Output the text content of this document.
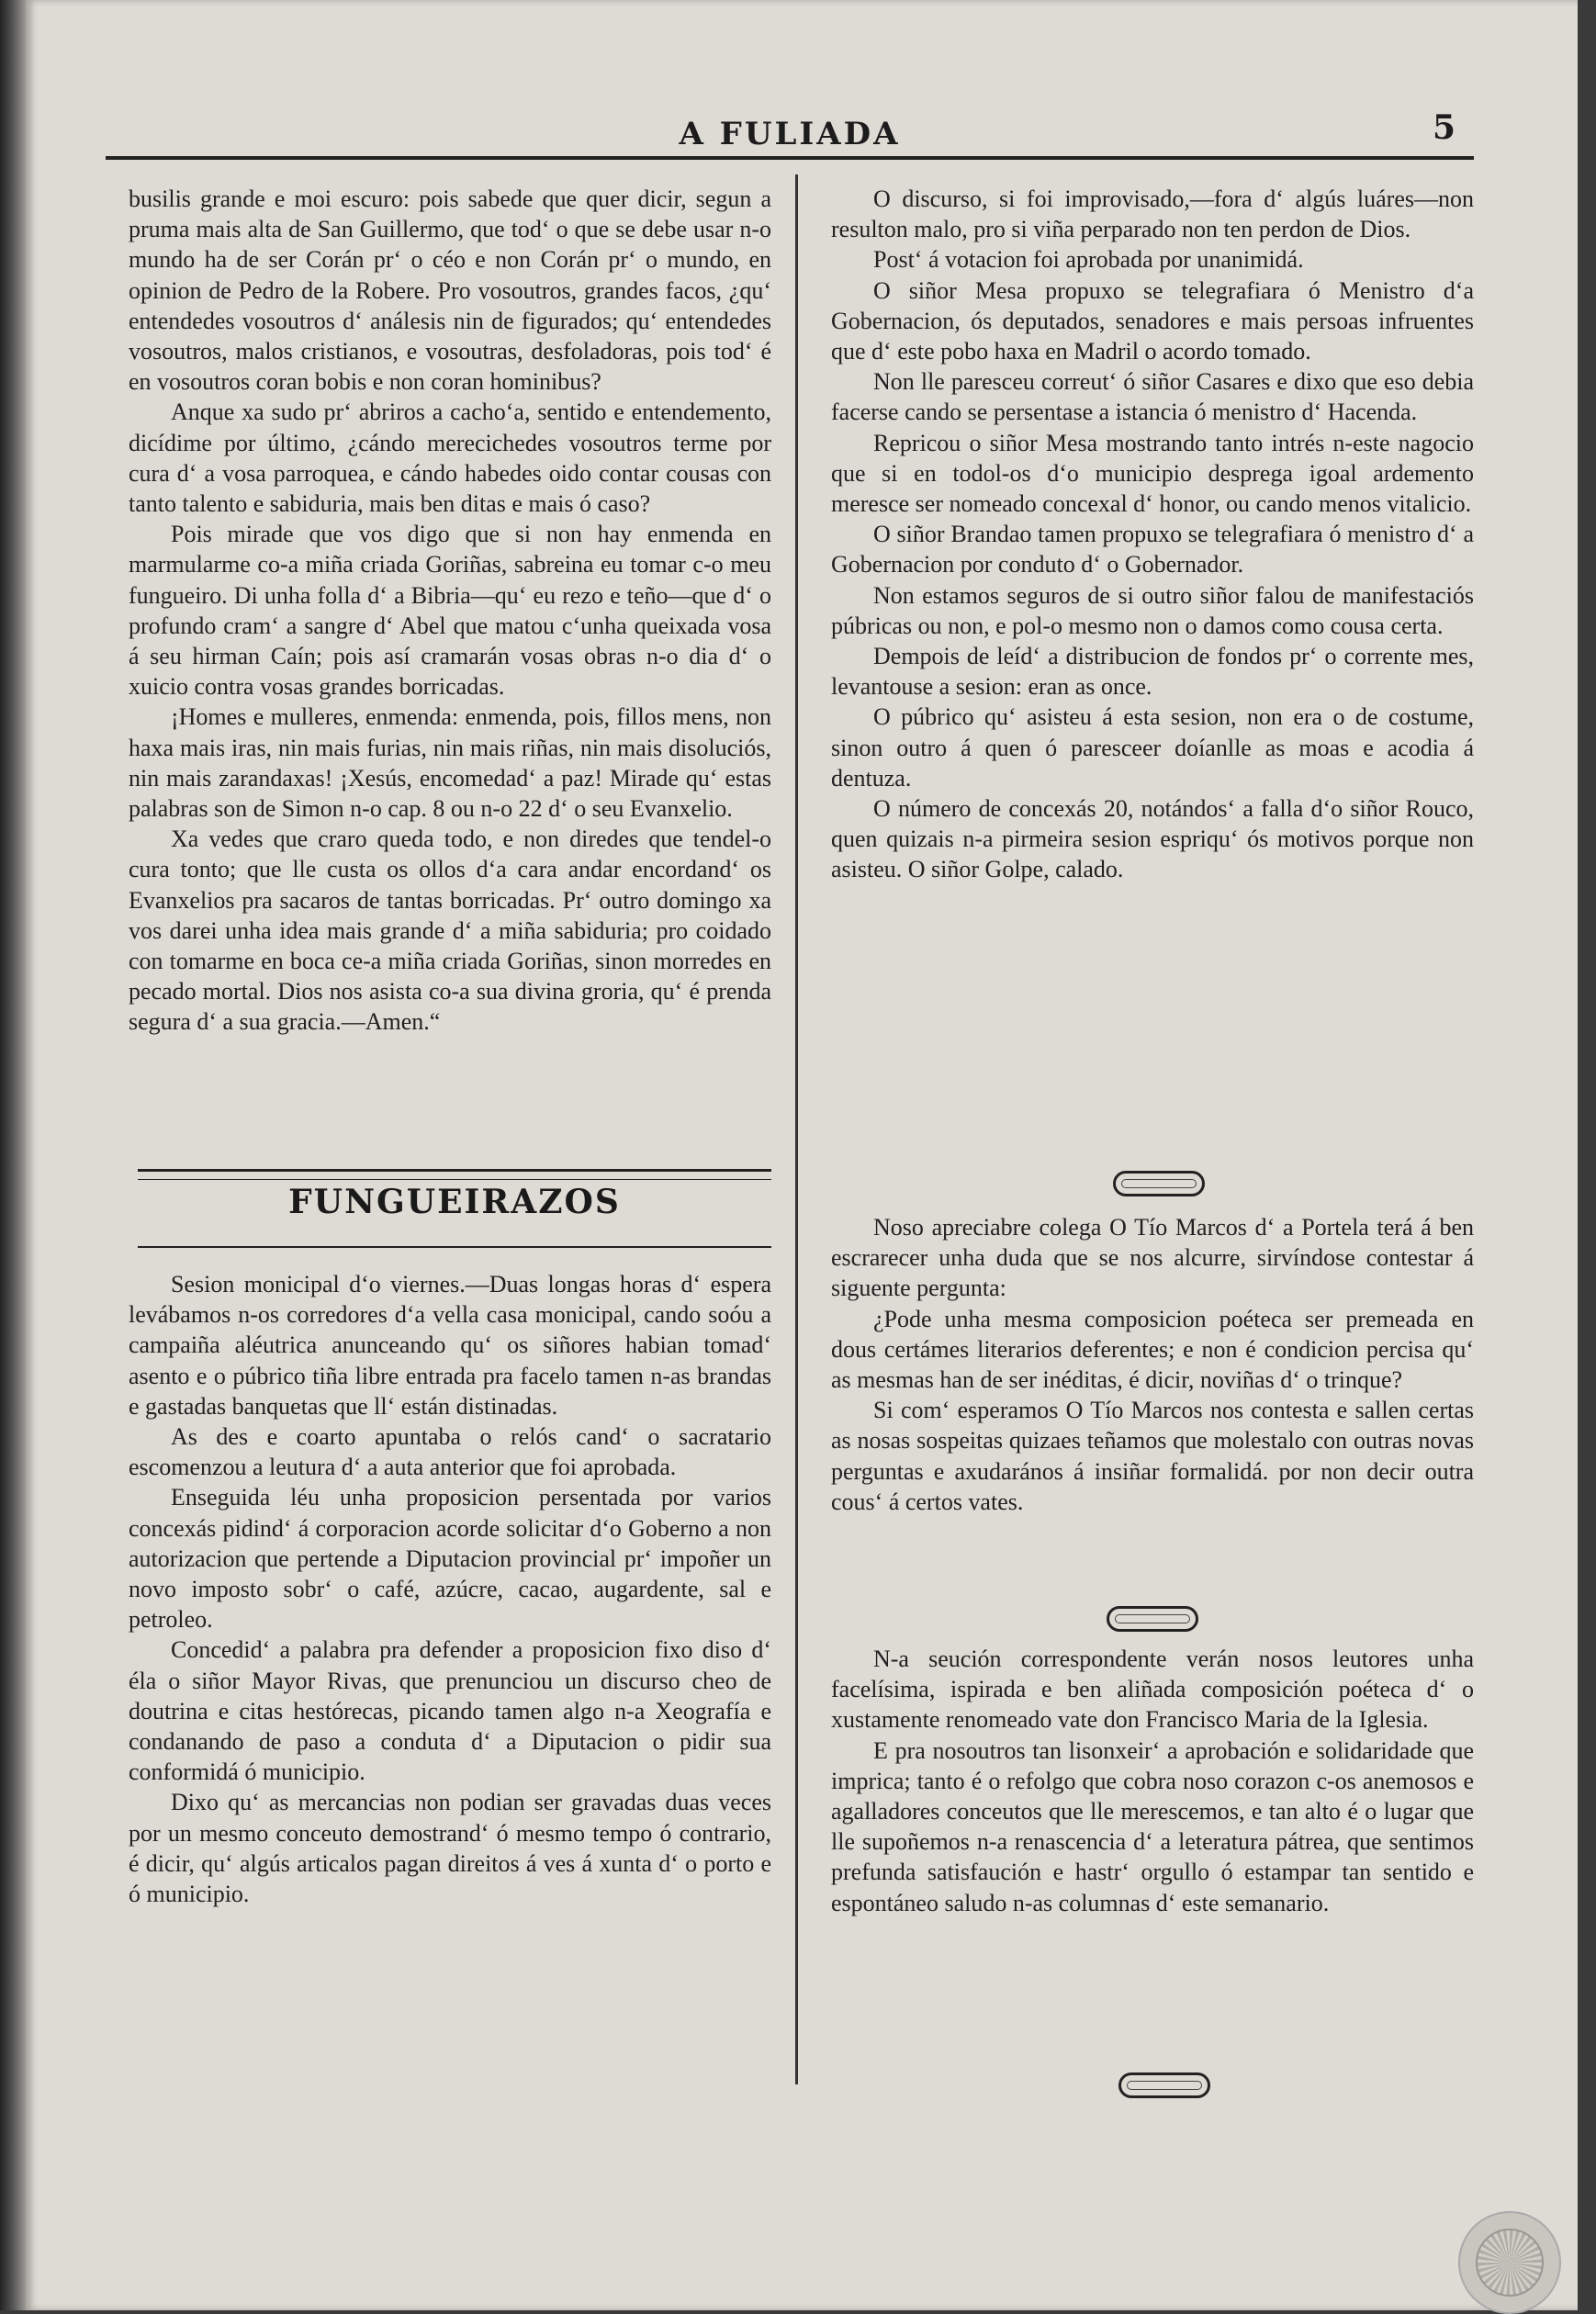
A FULIADA	5

busilis grande e moi escuro: pois sabede que quer dicir, segun a pruma mais alta de San Guillermo, que tod‘ o que se debe usar n-o mundo ha de ser Corán pr‘ o céo e non Corán pr‘ o mundo, en opinion de Pedro de la Robere. Pro vosoutros, grandes facos, ¿qu‘ entendedes vosoutros d‘ análesis nin de figurados; qu‘ entendedes vosoutros, malos cristianos, e vosoutras, desfoladoras, pois tod‘ é en vosoutros coran bobis e non coran hominibus?

Anque xa sudo pr‘ abriros a cacho‘a, sentido e entendemento, dicídime por último, ¿cándo merecichedes vosoutros terme por cura d‘ a vosa parroquea, e cándo habedes oido contar cousas con tanto talento e sabiduria, mais ben ditas e mais ó caso?

Pois mirade que vos digo que si non hay enmenda en marmularme co-a miña criada Goriñas, sabreina eu tomar c-o meu fungueiro. Di unha folla d‘ a Bibria—qu‘ eu rezo e teño—que d‘ o profundo cram‘ a sangre d‘ Abel que matou c‘unha queixada vosa á seu hirman Caín; pois así cramarán vosas obras n-o dia d‘ o xuicio contra vosas grandes borricadas.

¡Homes e mulleres, enmenda: enmenda, pois, fillos mens, non haxa mais iras, nin mais furias, nin mais riñas, nin mais disoluciós, nin mais zarandaxas! ¡Xesús, encomedad‘ a paz! Mirade qu‘ estas palabras son de Simon n-o cap. 8 ou n-o 22 d‘ o seu Evanxelio.

Xa vedes que craro queda todo, e non diredes que tendel-o cura tonto; que lle custa os ollos d‘a cara andar encordand‘ os Evanxelios pra sacaros de tantas borricadas. Pr‘ outro domingo xa vos darei unha idea mais grande d‘ a miña sabiduria; pro coidado con tomarme en boca ce-a miña criada Goriñas, sinon morredes en pecado mortal. Dios nos asista co-a sua divina groria, qu‘ é prenda segura d‘ a sua gracia.—Amen.“

FUNGUEIRAZOS

Sesion monicipal d‘o viernes.—Duas longas horas d‘ espera levábamos n-os corredores d‘a vella casa monicipal, cando soóu a campaiña aléutrica anunceando qu‘ os siñores habian tomad‘ asento e o púbrico tiña libre entrada pra facelo tamen n-as brandas e gastadas banquetas que ll‘ están distinadas.

As des e coarto apuntaba o relós cand‘ o sacratario escomenzou a leutura d‘ a auta anterior que foi aprobada.

Enseguida léu unha proposicion persentada por varios concexás pidind‘ á corporacion acorde solicitar d‘o Goberno a non autorizacion que pertende a Diputacion provincial pr‘ impoñer un novo imposto sobr‘ o café, azúcre, cacao, augardente, sal e petroleo.

Concedid‘ a palabra pra defender a proposicion fixo diso d‘ éla o siñor Mayor Rivas, que prenunciou un discurso cheo de doutrina e citas hestórecas, picando tamen algo n-a Xeografía e condanando de paso a conduta d‘ a Diputacion o pidir sua conformidá ó municipio.

Dixo qu‘ as mercancias non podian ser gravadas duas veces por un mesmo conceuto demostrand‘ ó mesmo tempo ó contrario, é dicir, qu‘ algús articalos pagan direitos á ves á xunta d‘ o porto e ó municipio.

O discurso, si foi improvisado,—fora d‘ algús luáres—non resulton malo, pro si viña perparado non ten perdon de Dios.

Post‘ á votacion foi aprobada por unanimidá.

O siñor Mesa propuxo se telegrafiara ó Menistro d‘a Gobernacion, ós deputados, senadores e mais persoas infruentes que d‘ este pobo haxa en Madril o acordo tomado.

Non lle paresceu correut‘ ó siñor Casares e dixo que eso debia facerse cando se persentase a istancia ó menistro d‘ Hacenda.

Repricou o siñor Mesa mostrando tanto intrés n-este nagocio que si en todol-os d‘o municipio desprega igoal ardemento meresce ser nomeado concexal d‘ honor, ou cando menos vitalicio.

O siñor Brandao tamen propuxo se telegrafiara ó menistro d‘ a Gobernacion por conduto d‘ o Gobernador.

Non estamos seguros de si outro siñor falou de manifestaciós púbricas ou non, e pol-o mesmo non o damos como cousa certa.

Dempois de leíd‘ a distribucion de fondos pr‘ o corrente mes, levantouse a sesion: eran as once.

O púbrico qu‘ asisteu á esta sesion, non era o de costume, sinon outro á quen ó paresceer doíanlle as moas e acodia á dentuza.

O número de concexás 20, notándos‘ a falla d‘o siñor Rouco, quen quizais n-a pirmeira sesion espriqu‘ ós motivos porque non asisteu. O siñor Golpe, calado.

Noso apreciabre colega O Tío Marcos d‘ a Portela terá á ben escrarecer unha duda que se nos alcurre, sirvíndose contestar á siguente pergunta:

¿Pode unha mesma composicion poéteca ser premeada en dous certámes literarios deferentes; e non é condicion percisa qu‘ as mesmas han de ser inéditas, é dicir, noviñas d‘ o trinque?

Si com‘ esperamos O Tío Marcos nos contesta e sallen certas as nosas sospeitas quizaes teñamos que molestalo con outras novas perguntas e axudarános á insiñar formalidá. por non decir outra cous‘ á certos vates.

N-a seución correspondente verán nosos leutores unha facelísima, ispirada e ben aliñada composición poéteca d‘ o xustamente renomeado vate don Francisco Maria de la Iglesia.

E pra nosoutros tan lisonxeir‘ a aprobación e solidaridade que imprica; tanto é o refolgo que cobra noso corazon c-os anemosos e agalladores conceutos que lle merescemos, e tan alto é o lugar que lle supoñemos n-a renascencia d‘ a leteratura pátrea, que sentimos prefunda satisfaución e hastr‘ orgullo ó estampar tan sentido e espontáneo saludo n-as columnas d‘ este semanario.
